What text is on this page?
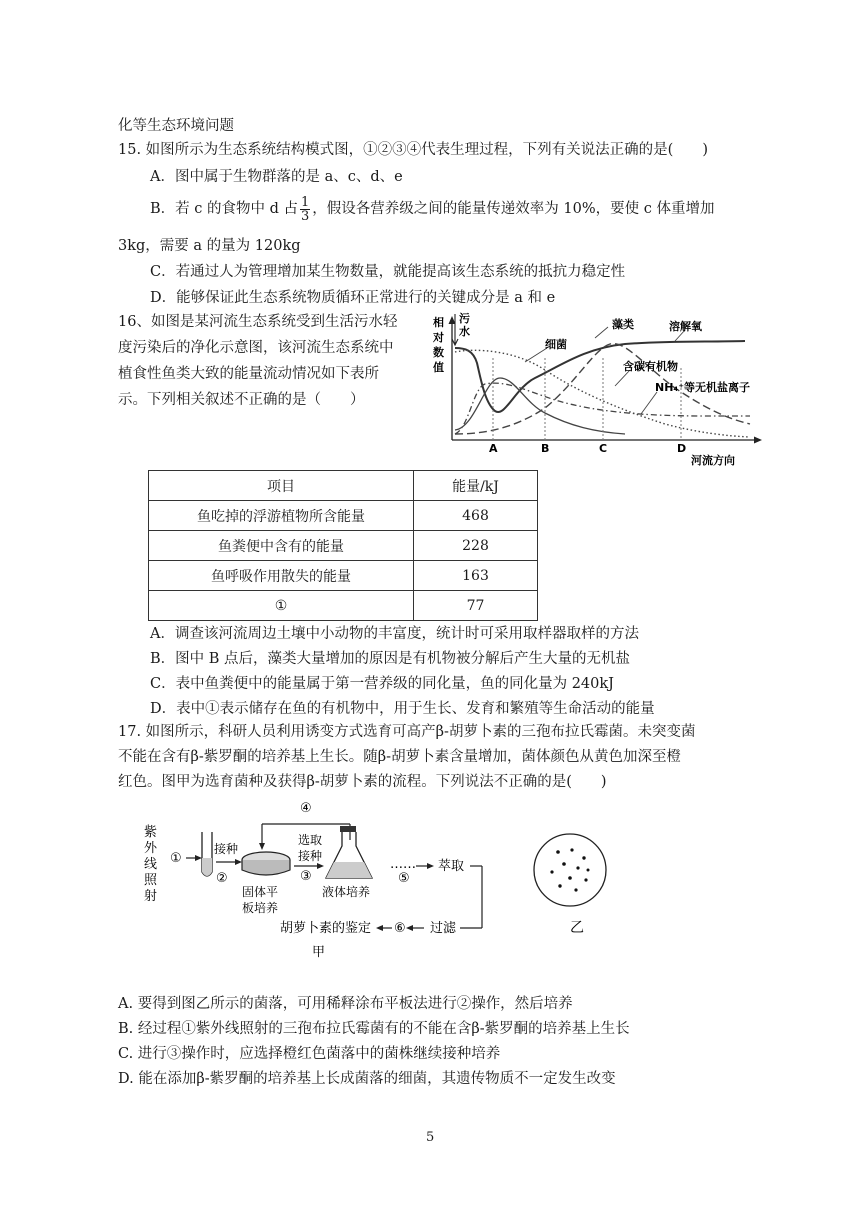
化等生态环境问题
15. 如图所示为生态系统结构模式图，①②③④代表生理过程，下列有关说法正确的是(　　)
A．图中属于生物群落的是 a、c、d、e
B．若 c 的食物中 d 占 $\frac{1}{3}$ ，假设各营养级之间的能量传递效率为 10%，要使 c 体重增加
3kg，需要 a 的量为 120kg
C．若通过人为管理增加某生物数量，就能提高该生态系统的抵抗力稳定性
D．能够保证此生态系统物质循环正常进行的关键成分是 a 和 e
16、如图是某河流生态系统受到生活污水轻
度污染后的净化示意图，该河流生态系统中
植食性鱼类大致的能量流动情况如下表所
示。下列相关叙述不正确的是（　　）
藻类
细菌
溶解氧
含碳有机物
NH₄⁺等无机盐离子
A	B	C	D
河流方向
相
对
数
值
污
水
项目	能量/kJ
鱼吃掉的浮游植物所含能量	468
鱼粪便中含有的能量	228
鱼呼吸作用散失的能量	163
①	77
A．调查该河流周边土壤中小动物的丰富度，统计时可采用取样器取样的方法
B．图中 B 点后，藻类大量增加的原因是有机物被分解后产生大量的无机盐
C．表中鱼粪便中的能量属于第一营养级的同化量，鱼的同化量为 240kJ
D．表中①表示储存在鱼的有机物中，用于生长、发育和繁殖等生命活动的能量
17. 如图所示，科研人员利用诱变方式选育可高产β-胡萝卜素的三孢布拉氏霉菌。未突变菌
不能在含有β-紫罗酮的培养基上生长。随β-胡萝卜素含量增加，菌体颜色从黄色加深至橙
红色。图甲为选育菌种及获得β-胡萝卜素的流程。下列说法不正确的是(　　)
紫
外
线
照
射
①
接种
②
固体平
板培养
④
选取
接种
③
液体培养
……
⑤
萃取
过滤
⑥
胡萝卜素的鉴定
甲
乙
A. 要得到图乙所示的菌落，可用稀释涂布平板法进行②操作，然后培养
B. 经过程①紫外线照射的三孢布拉氏霉菌有的不能在含β-紫罗酮的培养基上生长
C. 进行③操作时，应选择橙红色菌落中的菌株继续接种培养
D. 能在添加β-紫罗酮的培养基上长成菌落的细菌，其遗传物质不一定发生改变
5
